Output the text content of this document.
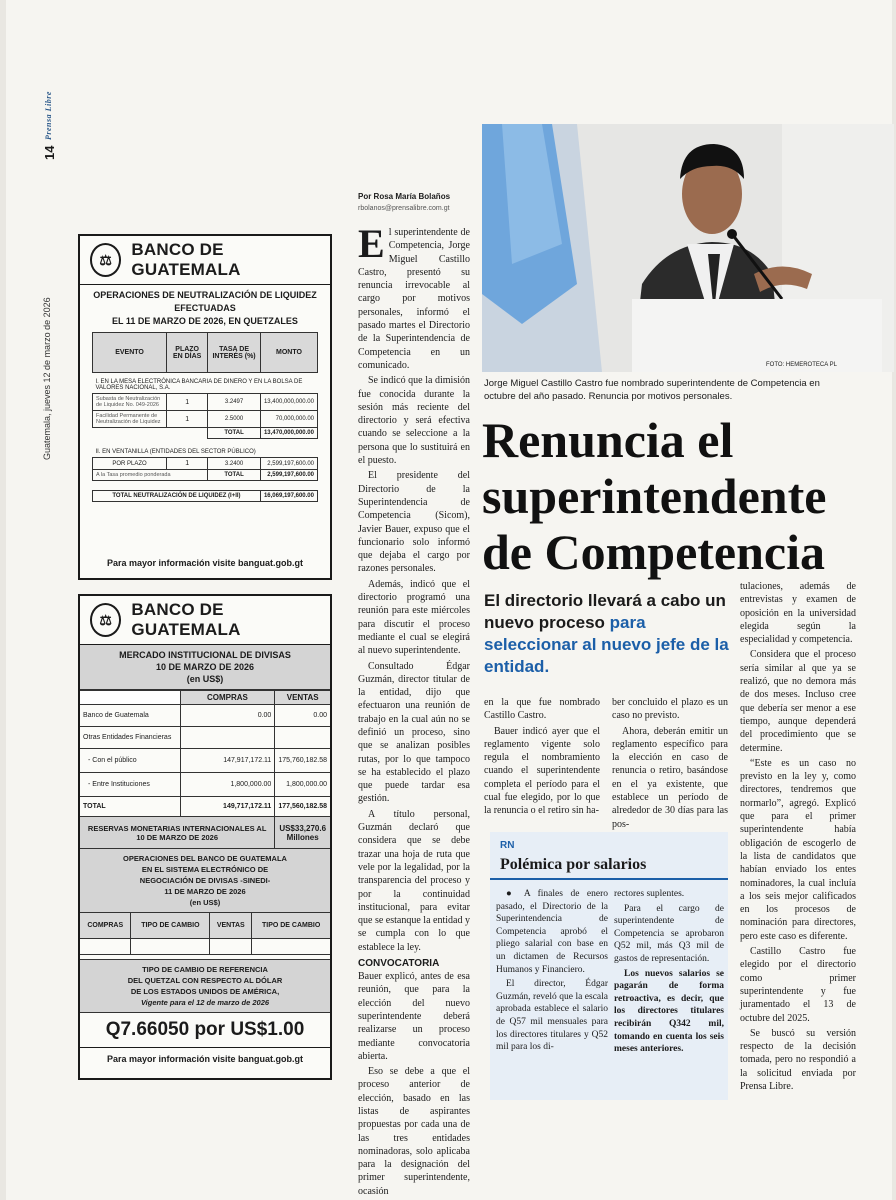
Prensa Libre
14
Guatemala, jueves 12 de marzo de 2026
⚖
BANCO DE GUATEMALA
OPERACIONES DE NEUTRALIZACIÓN DE LIQUIDEZ EFECTUADAS
EL 11 DE MARZO DE 2026, EN QUETZALES
EVENTO	PLAZO EN DÍAS	TASA DE INTERÉS (%)	MONTO
I. EN LA MESA ELECTRÓNICA BANCARIA DE DINERO Y EN LA BOLSA DE VALORES NACIONAL, S.A.			
Subasta de Neutralización de Liquidez No. 049-2026	1	3.2497	13,400,000,000.00
Facilidad Permanente de Neutralización de Liquidez	1	2.5000	70,000,000.00
		TOTAL	13,470,000,000.00
II. EN VENTANILLA (ENTIDADES DEL SECTOR PÚBLICO)			
POR PLAZO	1	3.2400	2,599,197,600.00
A la Tasa promedio ponderada		TOTAL	2,599,197,600.00

TOTAL NEUTRALIZACIÓN DE LIQUIDEZ (I+II)			16,069,197,600.00
Para mayor información visite banguat.gob.gt
⚖
BANCO DE GUATEMALA
MERCADO INSTITUCIONAL DE DIVISAS
10 DE MARZO DE 2026
(en US$)
	COMPRAS	VENTAS
Banco de Guatemala	0.00	0.00
Otras Entidades Financieras		
- Con el público	147,917,172.11	175,760,182.58
- Entre Instituciones	1,800,000.00	1,800,000.00
TOTAL	149,717,172.11	177,560,182.58
RESERVAS MONETARIAS INTERNACIONALES AL 10 DE MARZO DE 2026		US$33,270.6
Millones
OPERACIONES DEL BANCO DE GUATEMALA
EN EL SISTEMA ELECTRÓNICO DE
NEGOCIACIÓN DE DIVISAS -SINEDI-
11 DE MARZO DE 2026
(en US$)
COMPRAS	TIPO DE CAMBIO	VENTAS	TIPO DE CAMBIO

TIPO DE CAMBIO DE REFERENCIA
DEL QUETZAL CON RESPECTO AL DÓLAR
DE LOS ESTADOS UNIDOS DE AMÉRICA,
Vigente para el 12 de marzo de 2026
Q7.66050 por US$1.00
Para mayor información visite banguat.gob.gt
Por Rosa María Bolaños
rbolanos@prensalibre.com.gt

El superintendente de Competencia, Jorge Miguel Castillo Castro, presentó su renuncia irrevocable al cargo por motivos personales, informó el pasado martes el Directorio de la Superintendencia de Competencia en un comunicado.

Se indicó que la dimisión fue conocida durante la sesión más reciente del directorio y será efectiva cuando se seleccione a la persona que lo sustituirá en el puesto.

El presidente del Directorio de la Superintendencia de Competencia (Sicom), Javier Bauer, expuso que el funcionario solo informó que dejaba el cargo por razones personales.

Además, indicó que el directorio programó una reunión para este miércoles para discutir el proceso mediante el cual se elegirá al nuevo superintendente.

Consultado Édgar Guzmán, director titular de la entidad, dijo que efectuaron una reunión de trabajo en la cual aún no se definió un proceso, sino que se analizan posibles rutas, por lo que tampoco se ha establecido el plazo que puede tardar esa gestión.

A título personal, Guzmán declaró que considera que se debe trazar una hoja de ruta que vele por la legalidad, por la transparencia del proceso y por la continuidad institucional, para evitar que se estanque la entidad y se cumpla con lo que establece la ley.

CONVOCATORIA

Bauer explicó, antes de esa reunión, que para la elección del nuevo superintendente deberá realizarse un proceso mediante convocatoria abierta.

Eso se debe a que el proceso anterior de elección, basado en las listas de aspirantes propuestas por cada una de las tres entidades nominadoras, solo aplicaba para la designación del primer superintendente, ocasión

FOTO: HEMEROTECA PL
Jorge Miguel Castillo Castro fue nombrado superintendente de Competencia en octubre del año pasado. Renuncia por motivos personales.
Renuncia el
superintendente
de Competencia
El directorio llevará a cabo un nuevo proceso para seleccionar al nuevo jefe de la entidad.

en la que fue nombrado Castillo Castro.

Bauer indicó ayer que el reglamento vigente solo regula el nombramiento cuando el superintendente completa el período para el cual fue elegido, por lo que la renuncia o el retiro sin ha-

ber concluido el plazo es un caso no previsto.

Ahora, deberán emitir un reglamento específico para la elección en caso de renuncia o retiro, basándose en el ya existente, que establece un período de alrededor de 30 días para las pos-

tulaciones, además de entrevistas y examen de oposición en la universidad elegida según la especialidad y competencia.

Considera que el proceso sería similar al que ya se realizó, que no demora más de dos meses. Incluso cree que debería ser menor a ese tiempo, aunque dependerá del procedimiento que se determine.

“Este es un caso no previsto en la ley y, como directores, tendremos que normarlo”, agregó. Explicó que para el primer superintendente había obligación de escogerlo de la lista de candidatos que habían enviado los entes nominadores, la cual incluía a los seis mejor calificados en los procesos de nominación para directores, pero este caso es diferente.

Castillo Castro fue elegido por el directorio como primer superintendente y fue juramentado el 13 de octubre del 2025.

Se buscó su versión respecto de la decisión tomada, pero no respondió a la solicitud enviada por Prensa Libre.

RN
Polémica por salarios

● A finales de enero pasado, el Directorio de la Superintendencia de Competencia aprobó el pliego salarial con base en un dictamen de Recursos Humanos y Financiero.

El director, Édgar Guzmán, reveló que la escala aprobada establece el salario de Q57 mil mensuales para los directores titulares y Q52 mil para los di-

rectores suplentes.

Para el cargo de superintendente de Competencia se aprobaron Q52 mil, más Q3 mil de gastos de representación.

Los nuevos salarios se pagarán de forma retroactiva, es decir, que los directores titulares recibirán Q342 mil, tomando en cuenta los seis meses anteriores.
